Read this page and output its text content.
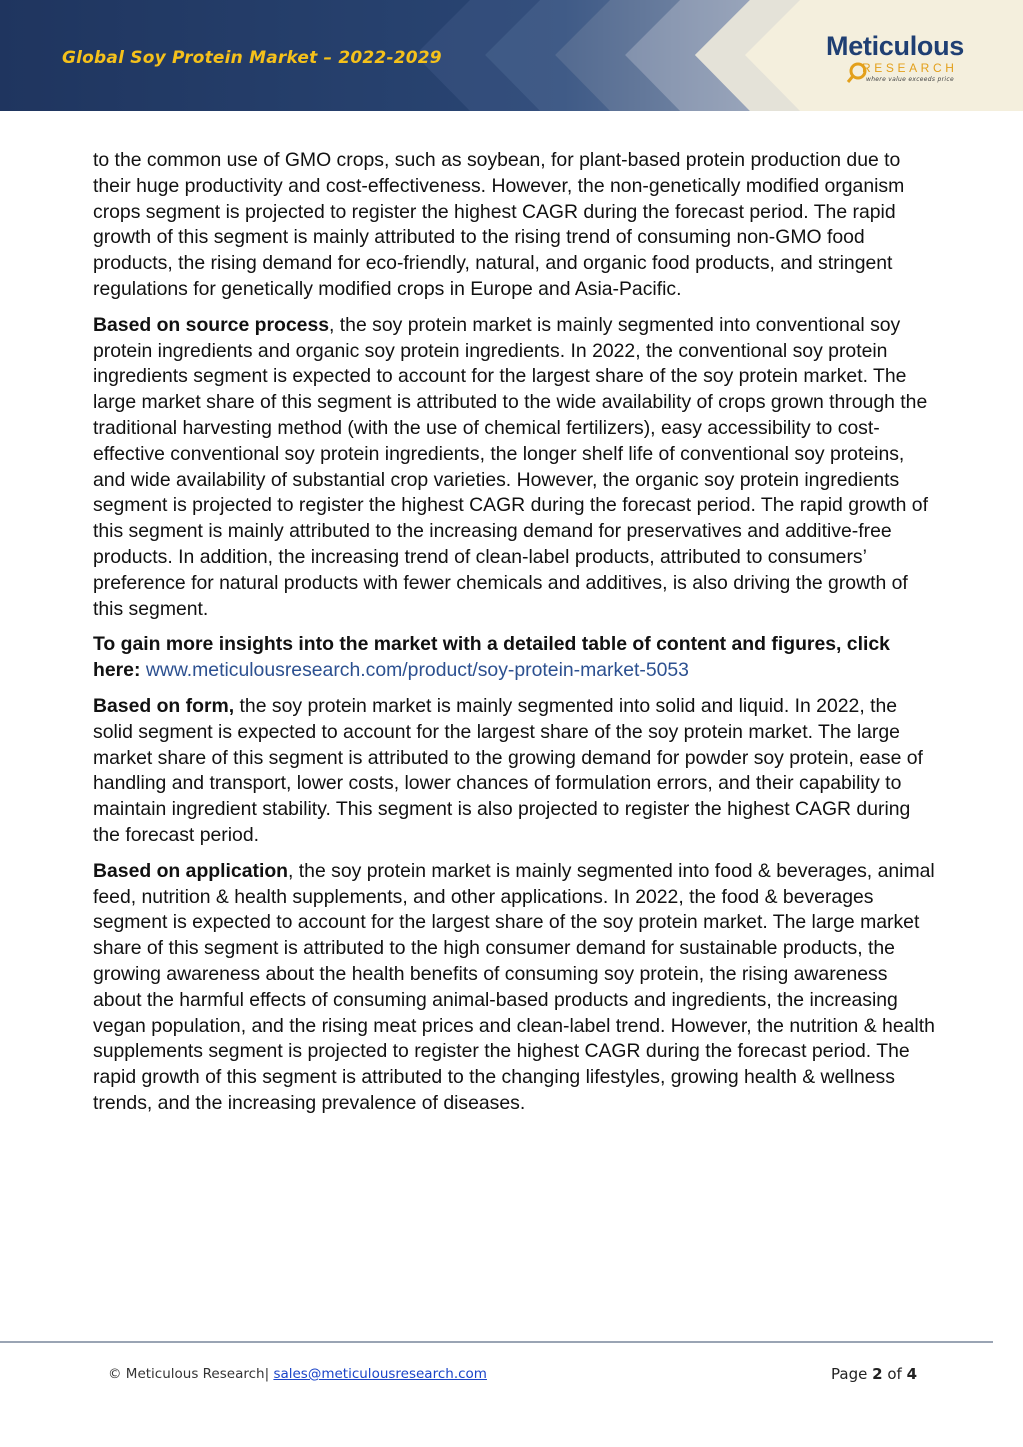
Global Soy Protein Market – 2022-2029	Meticulous
RESEARCH
where value exceeds price

to the common use of GMO crops, such as soybean, for plant-based protein production due to their huge productivity and cost-effectiveness. However, the non-genetically modified organism crops segment is projected to register the highest CAGR during the forecast period. The rapid growth of this segment is mainly attributed to the rising trend of consuming non-GMO food products, the rising demand for eco-friendly, natural, and organic food products, and stringent regulations for genetically modified crops in Europe and Asia-Pacific.

Based on source process, the soy protein market is mainly segmented into conventional soy protein ingredients and organic soy protein ingredients. In 2022, the conventional soy protein ingredients segment is expected to account for the largest share of the soy protein market. The large market share of this segment is attributed to the wide availability of crops grown through the traditional harvesting method (with the use of chemical fertilizers), easy accessibility to cost-effective conventional soy protein ingredients, the longer shelf life of conventional soy proteins, and wide availability of substantial crop varieties. However, the organic soy protein ingredients segment is projected to register the highest CAGR during the forecast period. The rapid growth of this segment is mainly attributed to the increasing demand for preservatives and additive-free products. In addition, the increasing trend of clean-label products, attributed to consumers’ preference for natural products with fewer chemicals and additives, is also driving the growth of this segment.

To gain more insights into the market with a detailed table of content and figures, click here: www.meticulousresearch.com/product/soy-protein-market-5053

Based on form, the soy protein market is mainly segmented into solid and liquid. In 2022, the solid segment is expected to account for the largest share of the soy protein market. The large market share of this segment is attributed to the growing demand for powder soy protein, ease of handling and transport, lower costs, lower chances of formulation errors, and their capability to maintain ingredient stability. This segment is also projected to register the highest CAGR during the forecast period.

Based on application, the soy protein market is mainly segmented into food & beverages, animal feed, nutrition & health supplements, and other applications. In 2022, the food & beverages segment is expected to account for the largest share of the soy protein market. The large market share of this segment is attributed to the high consumer demand for sustainable products, the growing awareness about the health benefits of consuming soy protein, the rising awareness about the harmful effects of consuming animal-based products and ingredients, the increasing vegan population, and the rising meat prices and clean-label trend. However, the nutrition & health supplements segment is projected to register the highest CAGR during the forecast period. The rapid growth of this segment is attributed to the changing lifestyles, growing health & wellness trends, and the increasing prevalence of diseases.

© Meticulous Research| sales@meticulousresearch.com	Page 2 of 4
